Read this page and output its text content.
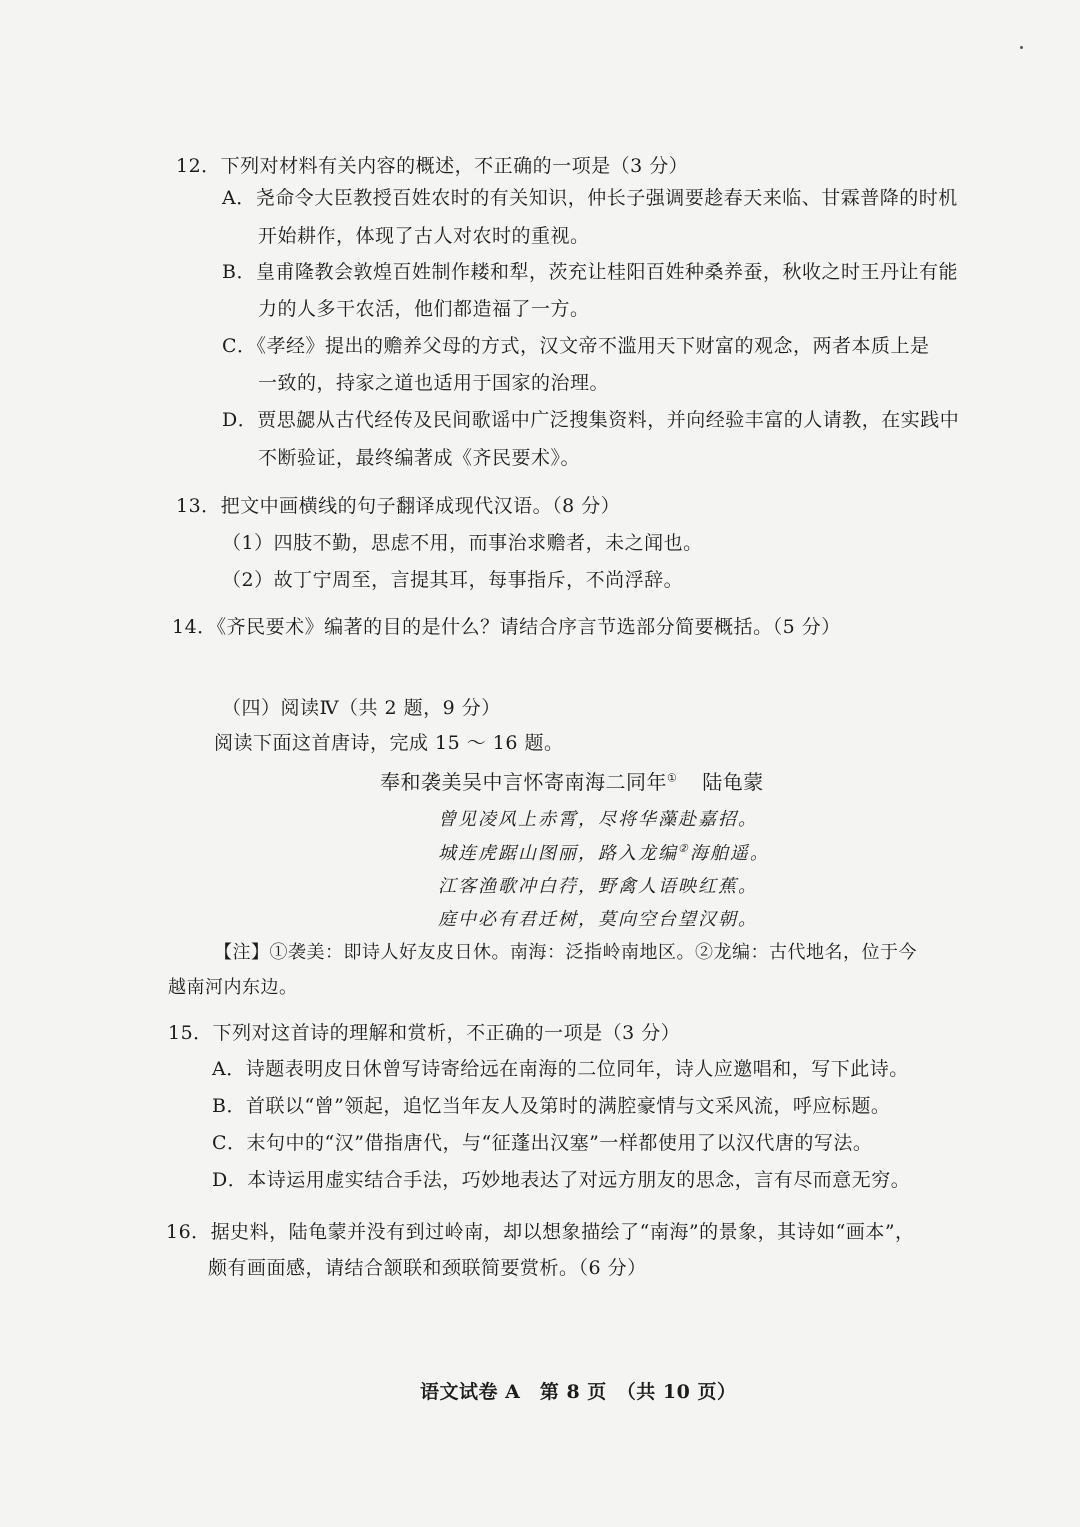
12．下列对材料有关内容的概述，不正确的一项是（3 分）
A．尧命令大臣教授百姓农时的有关知识，仲长子强调要趁春天来临、甘霖普降的时机
开始耕作，体现了古人对农时的重视。
B．皇甫隆教会敦煌百姓制作耧和犁，茨充让桂阳百姓种桑养蚕，秋收之时王丹让有能
力的人多干农活，他们都造福了一方。
C．《孝经》提出的赡养父母的方式，汉文帝不滥用天下财富的观念，两者本质上是
一致的，持家之道也适用于国家的治理。
D．贾思勰从古代经传及民间歌谣中广泛搜集资料，并向经验丰富的人请教，在实践中
不断验证，最终编著成《齐民要术》。
13．把文中画横线的句子翻译成现代汉语。（8 分）
（1）四肢不勤，思虑不用，而事治求赡者，未之闻也。
（2）故丁宁周至，言提其耳，每事指斥，不尚浮辞。
14．《齐民要术》编著的目的是什么？请结合序言节选部分简要概括。（5 分）
（四）阅读Ⅳ（共 2 题，9 分）
阅读下面这首唐诗，完成 15 ～ 16 题。
奉和袭美吴中言怀寄南海二同年① 陆龟蒙
曾见凌风上赤霄，尽将华藻赴嘉招。
城连虎踞山图丽，路入龙编②海舶遥。
江客渔歌冲白荇，野禽人语映红蕉。
庭中必有君迁树，莫向空台望汉朝。
【注】①袭美：即诗人好友皮日休。南海：泛指岭南地区。②龙编：古代地名，位于今
越南河内东边。
15．下列对这首诗的理解和赏析，不正确的一项是（3 分）
A．诗题表明皮日休曾写诗寄给远在南海的二位同年，诗人应邀唱和，写下此诗。
B．首联以“曾”领起，追忆当年友人及第时的满腔豪情与文采风流，呼应标题。
C．末句中的“汉”借指唐代，与“征蓬出汉塞”一样都使用了以汉代唐的写法。
D．本诗运用虚实结合手法，巧妙地表达了对远方朋友的思念，言有尽而意无穷。
16．据史料，陆龟蒙并没有到过岭南，却以想象描绘了“南海”的景象，其诗如“画本”，
颇有画面感，请结合颔联和颈联简要赏析。（6 分）
语文试卷 A　第 8 页　（共 10 页）
